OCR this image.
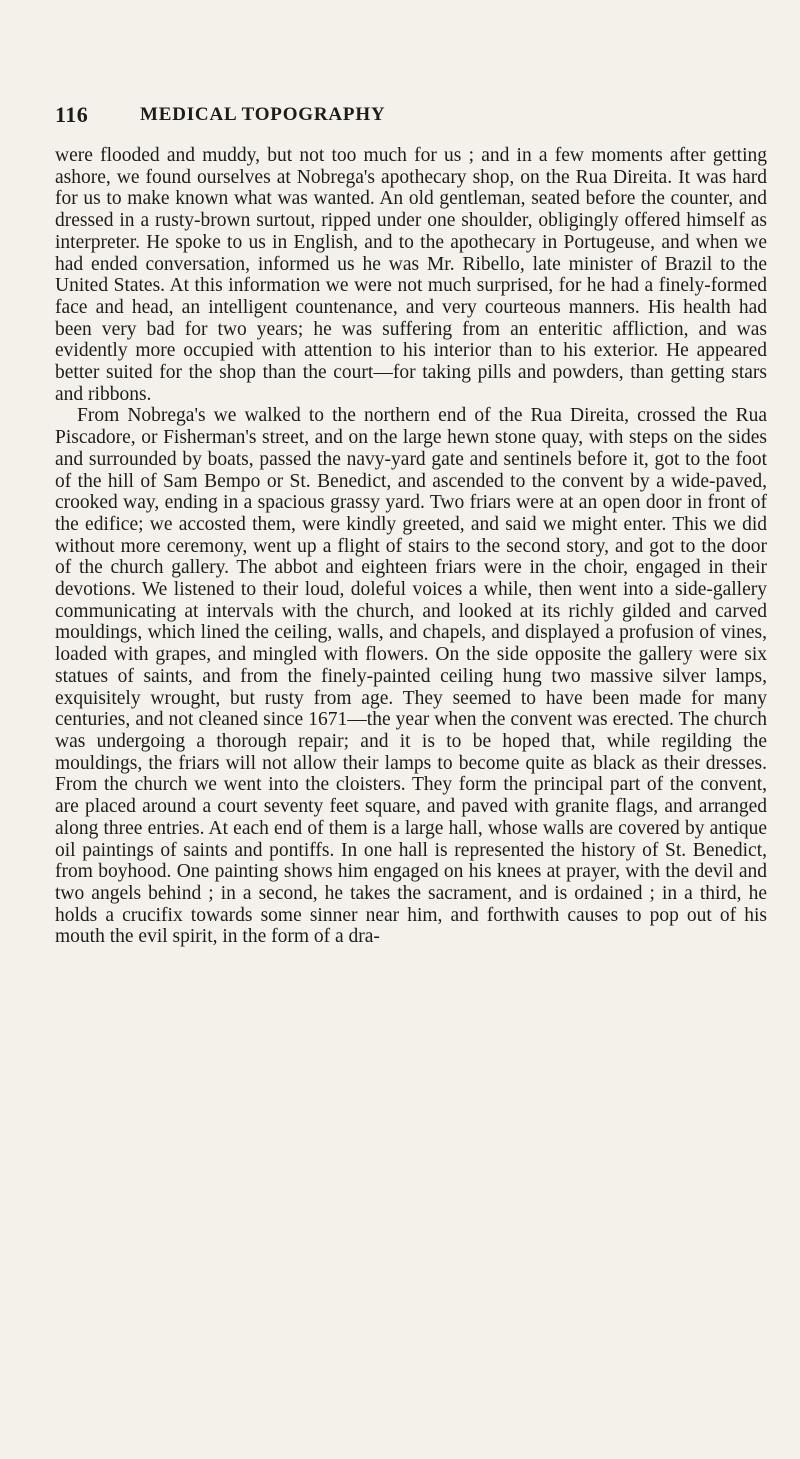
116	MEDICAL TOPOGRAPHY

were flooded and muddy, but not too much for us ; and in a few moments after getting ashore, we found ourselves at Nobrega's apothecary shop, on the Rua Direita. It was hard for us to make known what was wanted. An old gentleman, seated before the counter, and dressed in a rusty-brown surtout, ripped under one shoulder, obligingly offered himself as interpreter. He spoke to us in English, and to the apothecary in Portugeuse, and when we had ended conversation, informed us he was Mr. Ribello, late minister of Brazil to the United States. At this information we were not much surprised, for he had a finely-formed face and head, an intelligent countenance, and very courteous manners. His health had been very bad for two years; he was suffering from an enteritic affliction, and was evidently more occupied with attention to his interior than to his exterior. He appeared better suited for the shop than the court—for taking pills and powders, than getting stars and ribbons.

From Nobrega's we walked to the northern end of the Rua Direita, crossed the Rua Piscadore, or Fisherman's street, and on the large hewn stone quay, with steps on the sides and surrounded by boats, passed the navy-yard gate and sentinels before it, got to the foot of the hill of Sam Bempo or St. Benedict, and ascended to the convent by a wide-paved, crooked way, ending in a spacious grassy yard. Two friars were at an open door in front of the edifice; we accosted them, were kindly greeted, and said we might enter. This we did without more ceremony, went up a flight of stairs to the second story, and got to the door of the church gallery. The abbot and eighteen friars were in the choir, engaged in their devotions. We listened to their loud, doleful voices a while, then went into a side-gallery communicating at intervals with the church, and looked at its richly gilded and carved mouldings, which lined the ceiling, walls, and chapels, and displayed a profusion of vines, loaded with grapes, and mingled with flowers. On the side opposite the gallery were six statues of saints, and from the finely-painted ceiling hung two massive silver lamps, exquisitely wrought, but rusty from age. They seemed to have been made for many centuries, and not cleaned since 1671—the year when the convent was erected. The church was undergoing a thorough repair; and it is to be hoped that, while regilding the mouldings, the friars will not allow their lamps to become quite as black as their dresses. From the church we went into the cloisters. They form the principal part of the convent, are placed around a court seventy feet square, and paved with granite flags, and arranged along three entries. At each end of them is a large hall, whose walls are covered by antique oil paintings of saints and pontiffs. In one hall is represented the history of St. Benedict, from boyhood. One painting shows him engaged on his knees at prayer, with the devil and two angels behind ; in a second, he takes the sacrament, and is ordained ; in a third, he holds a crucifix towards some sinner near him, and forthwith causes to pop out of his mouth the evil spirit, in the form of a dra-
